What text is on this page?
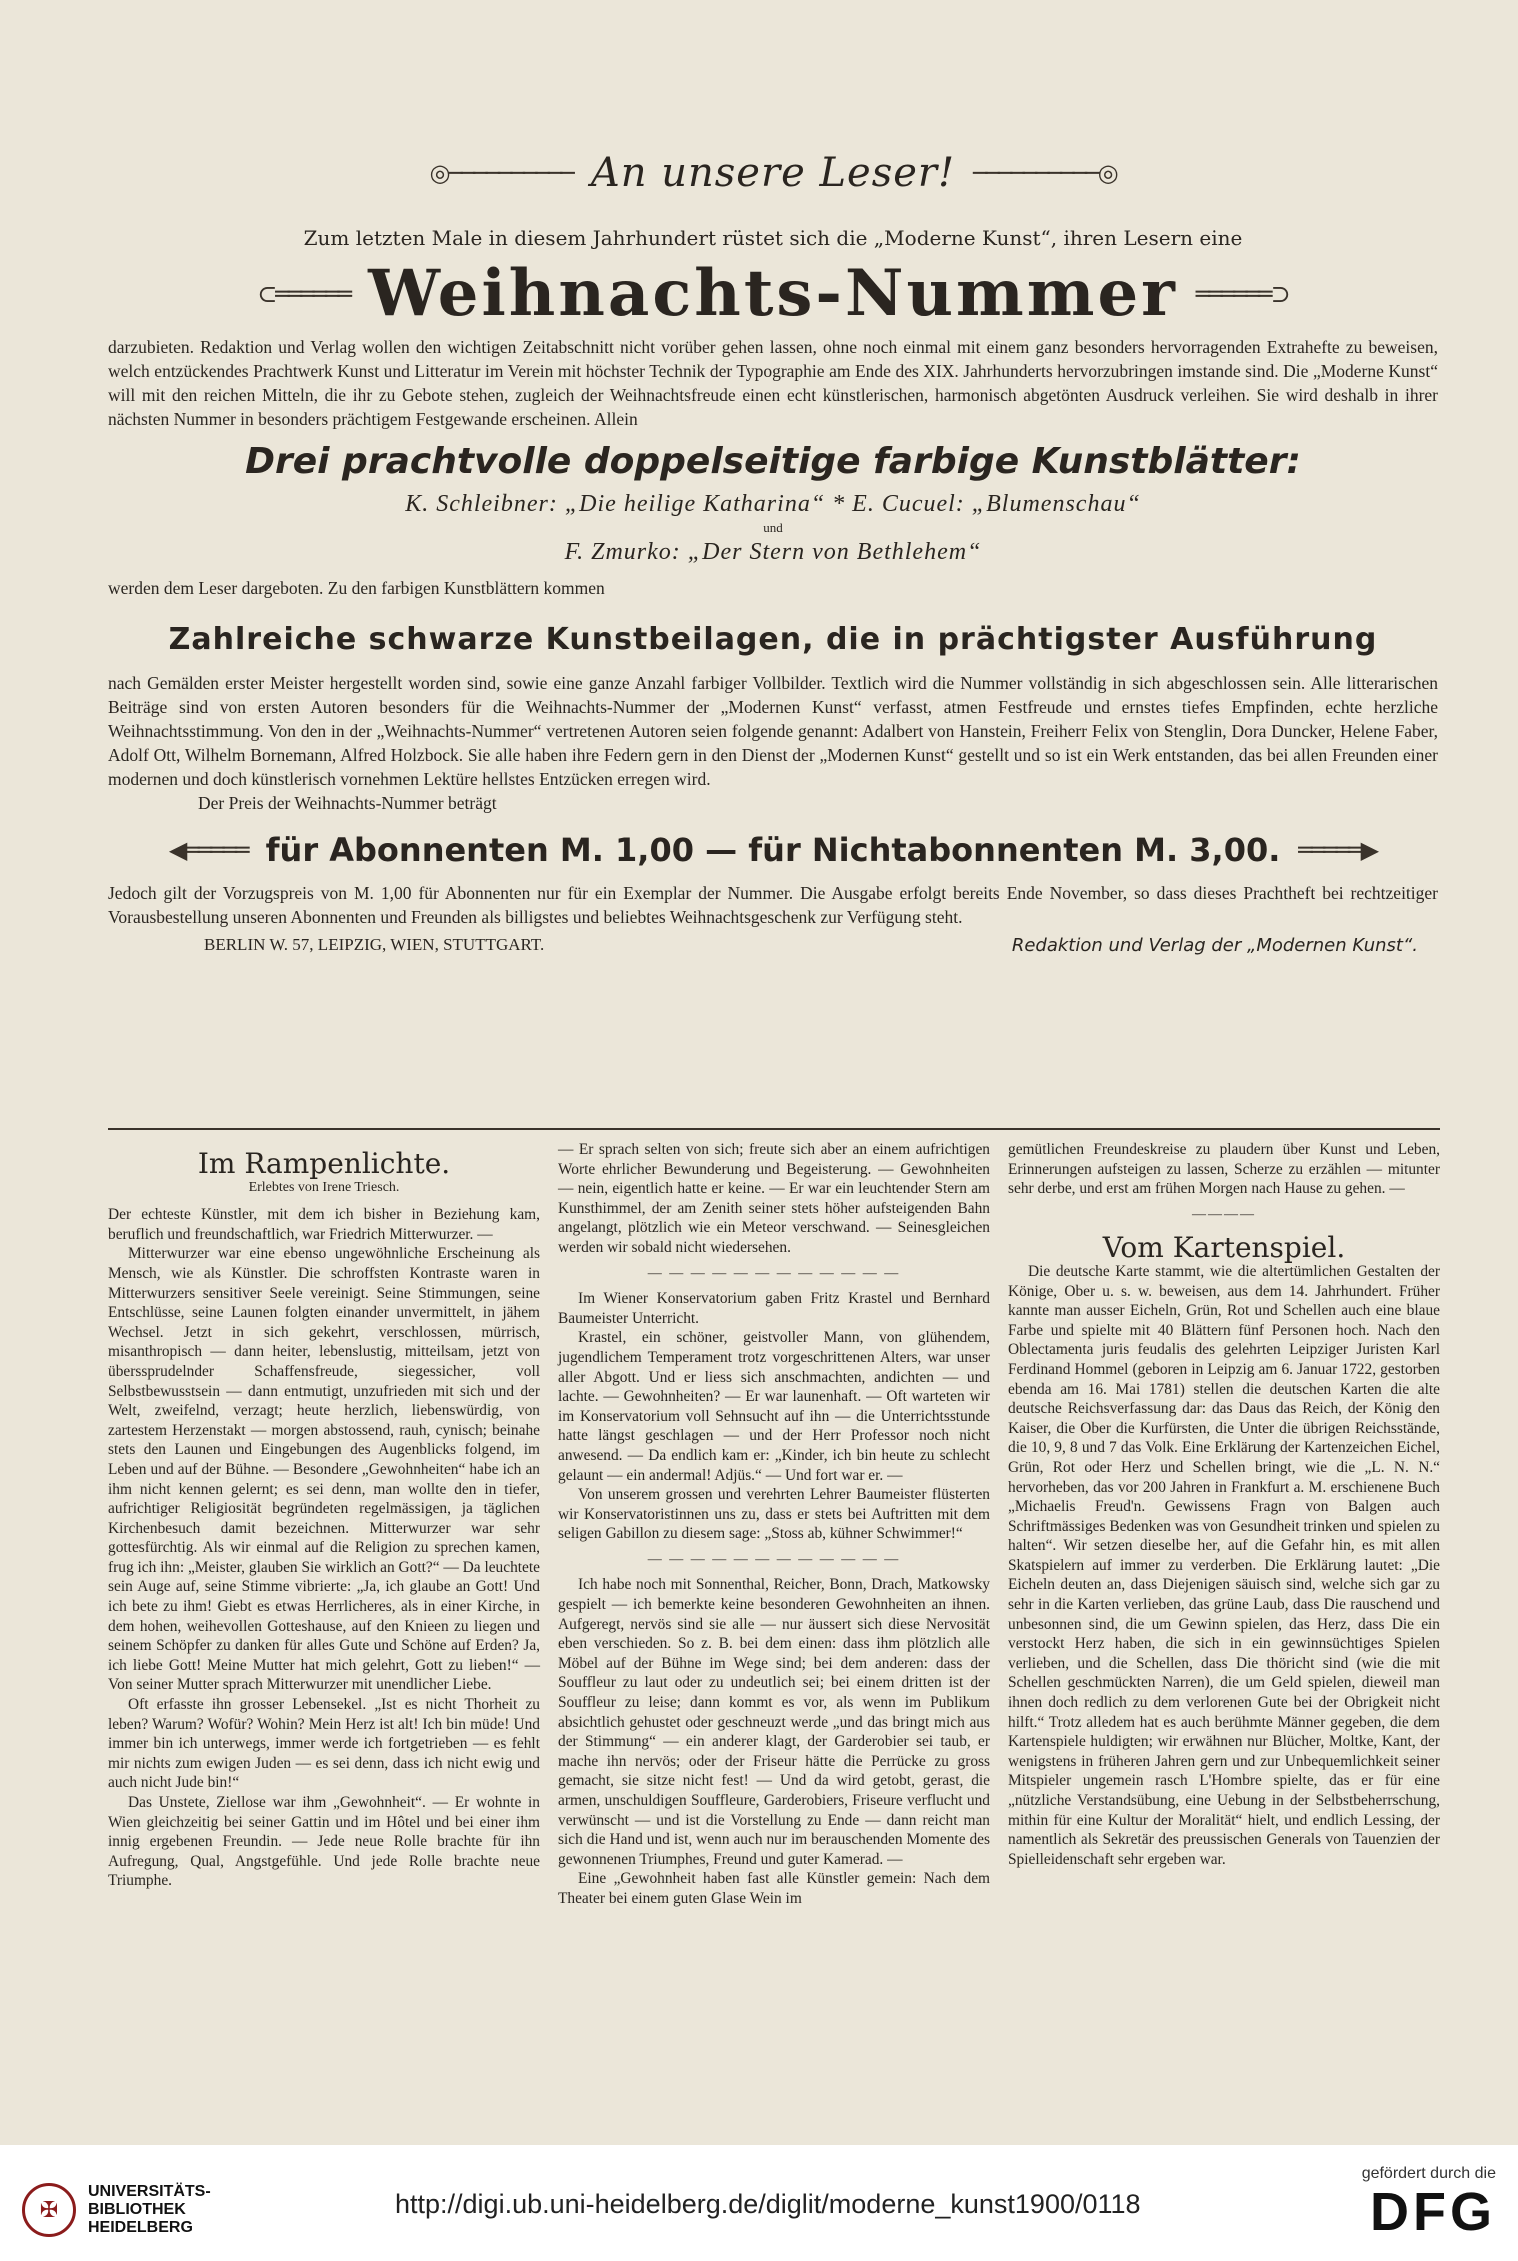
◎────────── An unsere Leser! ──────────◎
Zum letzten Male in diesem Jahrhundert rüstet sich die „Moderne Kunst“, ihren Lesern eine
⊂══════ Weihnachts-Nummer ══════⊃
darzubieten. Redaktion und Verlag wollen den wichtigen Zeitabschnitt nicht vorüber gehen lassen, ohne noch einmal mit einem ganz besonders hervorragenden Extrahefte zu beweisen, welch entzückendes Prachtwerk Kunst und Litteratur im Verein mit höchster Technik der Typographie am Ende des XIX. Jahrhunderts hervorzubringen imstande sind. Die „Moderne Kunst“ will mit den reichen Mitteln, die ihr zu Gebote stehen, zugleich der Weihnachtsfreude einen echt künstlerischen, harmonisch abgetönten Ausdruck verleihen. Sie wird deshalb in ihrer nächsten Nummer in besonders prächtigem Festgewande erscheinen. Allein
Drei prachtvolle doppelseitige farbige Kunstblätter:
K. Schleibner: „Die heilige Katharina“ * E. Cucuel: „Blumenschau“
und
F. Zmurko: „Der Stern von Bethlehem“
werden dem Leser dargeboten. Zu den farbigen Kunstblättern kommen
Zahlreiche schwarze Kunstbeilagen, die in prächtigster Ausführung
nach Gemälden erster Meister hergestellt worden sind, sowie eine ganze Anzahl farbiger Vollbilder. Textlich wird die Nummer vollständig in sich abgeschlossen sein. Alle litterarischen Beiträge sind von ersten Autoren besonders für die Weihnachts-Nummer der „Modernen Kunst“ verfasst, atmen Festfreude und ernstes tiefes Empfinden, echte herzliche Weihnachtsstimmung. Von den in der „Weihnachts-Nummer“ vertretenen Autoren seien folgende genannt: Adalbert von Hanstein, Freiherr Felix von Stenglin, Dora Duncker, Helene Faber, Adolf Ott, Wilhelm Bornemann, Alfred Holzbock. Sie alle haben ihre Federn gern in den Dienst der „Modernen Kunst“ gestellt und so ist ein Werk entstanden, das bei allen Freunden einer modernen und doch künstlerisch vornehmen Lektüre hellstes Entzücken erregen wird.
Der Preis der Weihnachts-Nummer beträgt
◀═════ für Abonnenten M. 1,00 — für Nichtabonnenten M. 3,00. ═════▶
Jedoch gilt der Vorzugspreis von M. 1,00 für Abonnenten nur für ein Exemplar der Nummer. Die Ausgabe erfolgt bereits Ende November, so dass dieses Prachtheft bei rechtzeitiger Vorausbestellung unseren Abonnenten und Freunden als billigstes und beliebtes Weihnachtsgeschenk zur Verfügung steht.
BERLIN W. 57, LEIPZIG, WIEN, STUTTGART.	Redaktion und Verlag der „Modernen Kunst“.
Im Rampenlichte.
Erlebtes von Irene Triesch.

Der echteste Künstler, mit dem ich bisher in Beziehung kam, beruflich und freundschaftlich, war Friedrich Mitterwurzer. —

Mitterwurzer war eine ebenso ungewöhnliche Erscheinung als Mensch, wie als Künstler. Die schroffsten Kontraste waren in Mitterwurzers sensitiver Seele vereinigt. Seine Stimmungen, seine Entschlüsse, seine Launen folgten einander unvermittelt, in jähem Wechsel. Jetzt in sich gekehrt, verschlossen, mürrisch, misanthropisch — dann heiter, lebenslustig, mitteilsam, jetzt von überssprudelnder Schaffensfreude, siegessicher, voll Selbstbewusstsein — dann entmutigt, unzufrieden mit sich und der Welt, zweifelnd, verzagt; heute herzlich, liebenswürdig, von zartestem Herzenstakt — morgen abstossend, rauh, cynisch; beinahe stets den Launen und Eingebungen des Augenblicks folgend, im Leben und auf der Bühne. — Besondere „Gewohnheiten“ habe ich an ihm nicht kennen gelernt; es sei denn, man wollte den in tiefer, aufrichtiger Religiosität begründeten regelmässigen, ja täglichen Kirchenbesuch damit bezeichnen. Mitterwurzer war sehr gottesfürchtig. Als wir einmal auf die Religion zu sprechen kamen, frug ich ihn: „Meister, glauben Sie wirklich an Gott?“ — Da leuchtete sein Auge auf, seine Stimme vibrierte: „Ja, ich glaube an Gott! Und ich bete zu ihm! Giebt es etwas Herrlicheres, als in einer Kirche, in dem hohen, weihevollen Gotteshause, auf den Knieen zu liegen und seinem Schöpfer zu danken für alles Gute und Schöne auf Erden? Ja, ich liebe Gott! Meine Mutter hat mich gelehrt, Gott zu lieben!“ — Von seiner Mutter sprach Mitterwurzer mit unendlicher Liebe.

Oft erfasste ihn grosser Lebensekel. „Ist es nicht Thorheit zu leben? Warum? Wofür? Wohin? Mein Herz ist alt! Ich bin müde! Und immer bin ich unterwegs, immer werde ich fortgetrieben — es fehlt mir nichts zum ewigen Juden — es sei denn, dass ich nicht ewig und auch nicht Jude bin!“

Das Unstete, Ziellose war ihm „Gewohnheit“. — Er wohnte in Wien gleichzeitig bei seiner Gattin und im Hôtel und bei einer ihm innig ergebenen Freundin. — Jede neue Rolle brachte für ihn Aufregung, Qual, Angstgefühle. Und jede Rolle brachte neue Triumphe.

— Er sprach selten von sich; freute sich aber an einem aufrichtigen Worte ehrlicher Bewunderung und Begeisterung. — Gewohnheiten — nein, eigentlich hatte er keine. — Er war ein leuchtender Stern am Kunsthimmel, der am Zenith seiner stets höher aufsteigenden Bahn angelangt, plötzlich wie ein Meteor verschwand. — Seinesgleichen werden wir sobald nicht wiedersehen.

— — — — — — — — — — — —

Im Wiener Konservatorium gaben Fritz Krastel und Bernhard Baumeister Unterricht.

Krastel, ein schöner, geistvoller Mann, von glühendem, jugendlichem Temperament trotz vorgeschrittenen Alters, war unser aller Abgott. Und er liess sich anschmachten, andichten — und lachte. — Gewohnheiten? — Er war launenhaft. — Oft warteten wir im Konservatorium voll Sehnsucht auf ihn — die Unterrichtsstunde hatte längst geschlagen — und der Herr Professor noch nicht anwesend. — Da endlich kam er: „Kinder, ich bin heute zu schlecht gelaunt — ein andermal! Adjüs.“ — Und fort war er. —

Von unserem grossen und verehrten Lehrer Baumeister flüsterten wir Konservatoristinnen uns zu, dass er stets bei Auftritten mit dem seligen Gabillon zu diesem sage: „Stoss ab, kühner Schwimmer!“

— — — — — — — — — — — —

Ich habe noch mit Sonnenthal, Reicher, Bonn, Drach, Matkowsky gespielt — ich bemerkte keine besonderen Gewohnheiten an ihnen. Aufgeregt, nervös sind sie alle — nur äussert sich diese Nervosität eben verschieden. So z. B. bei dem einen: dass ihm plötzlich alle Möbel auf der Bühne im Wege sind; bei dem anderen: dass der Souffleur zu laut oder zu undeutlich sei; bei einem dritten ist der Souffleur zu leise; dann kommt es vor, als wenn im Publikum absichtlich gehustet oder geschneuzt werde „und das bringt mich aus der Stimmung“ — ein anderer klagt, der Garderobier sei taub, er mache ihn nervös; oder der Friseur hätte die Perrücke zu gross gemacht, sie sitze nicht fest! — Und da wird getobt, gerast, die armen, unschuldigen Souffleure, Garderobiers, Friseure verflucht und verwünscht — und ist die Vorstellung zu Ende — dann reicht man sich die Hand und ist, wenn auch nur im berauschenden Momente des gewonnenen Triumphes, Freund und guter Kamerad. —

Eine „Gewohnheit haben fast alle Künstler gemein: Nach dem Theater bei einem guten Glase Wein im

gemütlichen Freundeskreise zu plaudern über Kunst und Leben, Erinnerungen aufsteigen zu lassen, Scherze zu erzählen — mitunter sehr derbe, und erst am frühen Morgen nach Hause zu gehen. —

————
Vom Kartenspiel.

Die deutsche Karte stammt, wie die altertümlichen Gestalten der Könige, Ober u. s. w. beweisen, aus dem 14. Jahrhundert. Früher kannte man ausser Eicheln, Grün, Rot und Schellen auch eine blaue Farbe und spielte mit 40 Blättern fünf Personen hoch. Nach den Oblectamenta juris feudalis des gelehrten Leipziger Juristen Karl Ferdinand Hommel (geboren in Leipzig am 6. Januar 1722, gestorben ebenda am 16. Mai 1781) stellen die deutschen Karten die alte deutsche Reichsverfassung dar: das Daus das Reich, der König den Kaiser, die Ober die Kurfürsten, die Unter die übrigen Reichsstände, die 10, 9, 8 und 7 das Volk. Eine Erklärung der Kartenzeichen Eichel, Grün, Rot oder Herz und Schellen bringt, wie die „L. N. N.“ hervorheben, das vor 200 Jahren in Frankfurt a. M. erschienene Buch „Michaelis Freud'n. Gewissens Fragn von Balgen auch Schriftmässiges Bedenken was von Gesundheit trinken und spielen zu halten“. Wir setzen dieselbe her, auf die Gefahr hin, es mit allen Skatspielern auf immer zu verderben. Die Erklärung lautet: „Die Eicheln deuten an, dass Diejenigen säuisch sind, welche sich gar zu sehr in die Karten verlieben, das grüne Laub, dass Die rauschend und unbesonnen sind, die um Gewinn spielen, das Herz, dass Die ein verstockt Herz haben, die sich in ein gewinnsüchtiges Spielen verlieben, und die Schellen, dass Die thöricht sind (wie die mit Schellen geschmückten Narren), die um Geld spielen, dieweil man ihnen doch redlich zu dem verlorenen Gute bei der Obrigkeit nicht hilft.“ Trotz alledem hat es auch berühmte Männer gegeben, die dem Kartenspiele huldigten; wir erwähnen nur Blücher, Moltke, Kant, der wenigstens in früheren Jahren gern und zur Unbequemlichkeit seiner Mitspieler ungemein rasch L'Hombre spielte, das er für eine „nützliche Verstandsübung, eine Uebung in der Selbstbeherrschung, mithin für eine Kultur der Moralität“ hielt, und endlich Lessing, der namentlich als Sekretär des preussischen Generals von Tauenzien der Spielleidenschaft sehr ergeben war.

✠
UNIVERSITÄTS-
BIBLIOTHEK
HEIDELBERG
http://digi.ub.uni-heidelberg.de/diglit/moderne_kunst1900/0118
gefördert durch die
DFG
